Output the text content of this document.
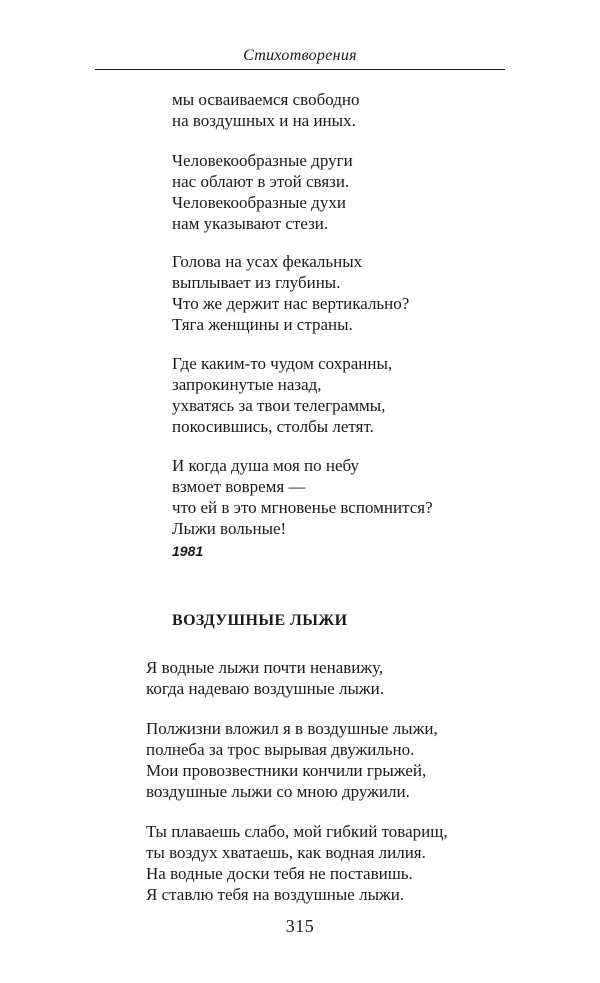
Стихотворения
мы осваиваемся свободно
на воздушных и на иных.
Человекообразные други
нас облают в этой связи.
Человекообразные духи
нам указывают стези.
Голова на усах фекальных
выплывает из глубины.
Что же держит нас вертикально?
Тяга женщины и страны.
Где каким-то чудом сохранны,
запрокинутые назад,
ухватясь за твои телеграммы,
покосившись, столбы летят.
И когда душа моя по небу
взмоет вовремя —
что ей в это мгновенье вспомнится?
Лыжи вольные!
1981
ВОЗДУШНЫЕ ЛЫЖИ
Я водные лыжи почти ненавижу,
когда надеваю воздушные лыжи.
Полжизни вложил я в воздушные лыжи,
полнеба за трос вырывая двужильно.
Мои провозвестники кончили грыжей,
воздушные лыжи со мною дружили.
Ты плаваешь слабо, мой гибкий товарищ,
ты воздух хватаешь, как водная лилия.
На водные доски тебя не поставишь.
Я ставлю тебя на воздушные лыжи.
315
